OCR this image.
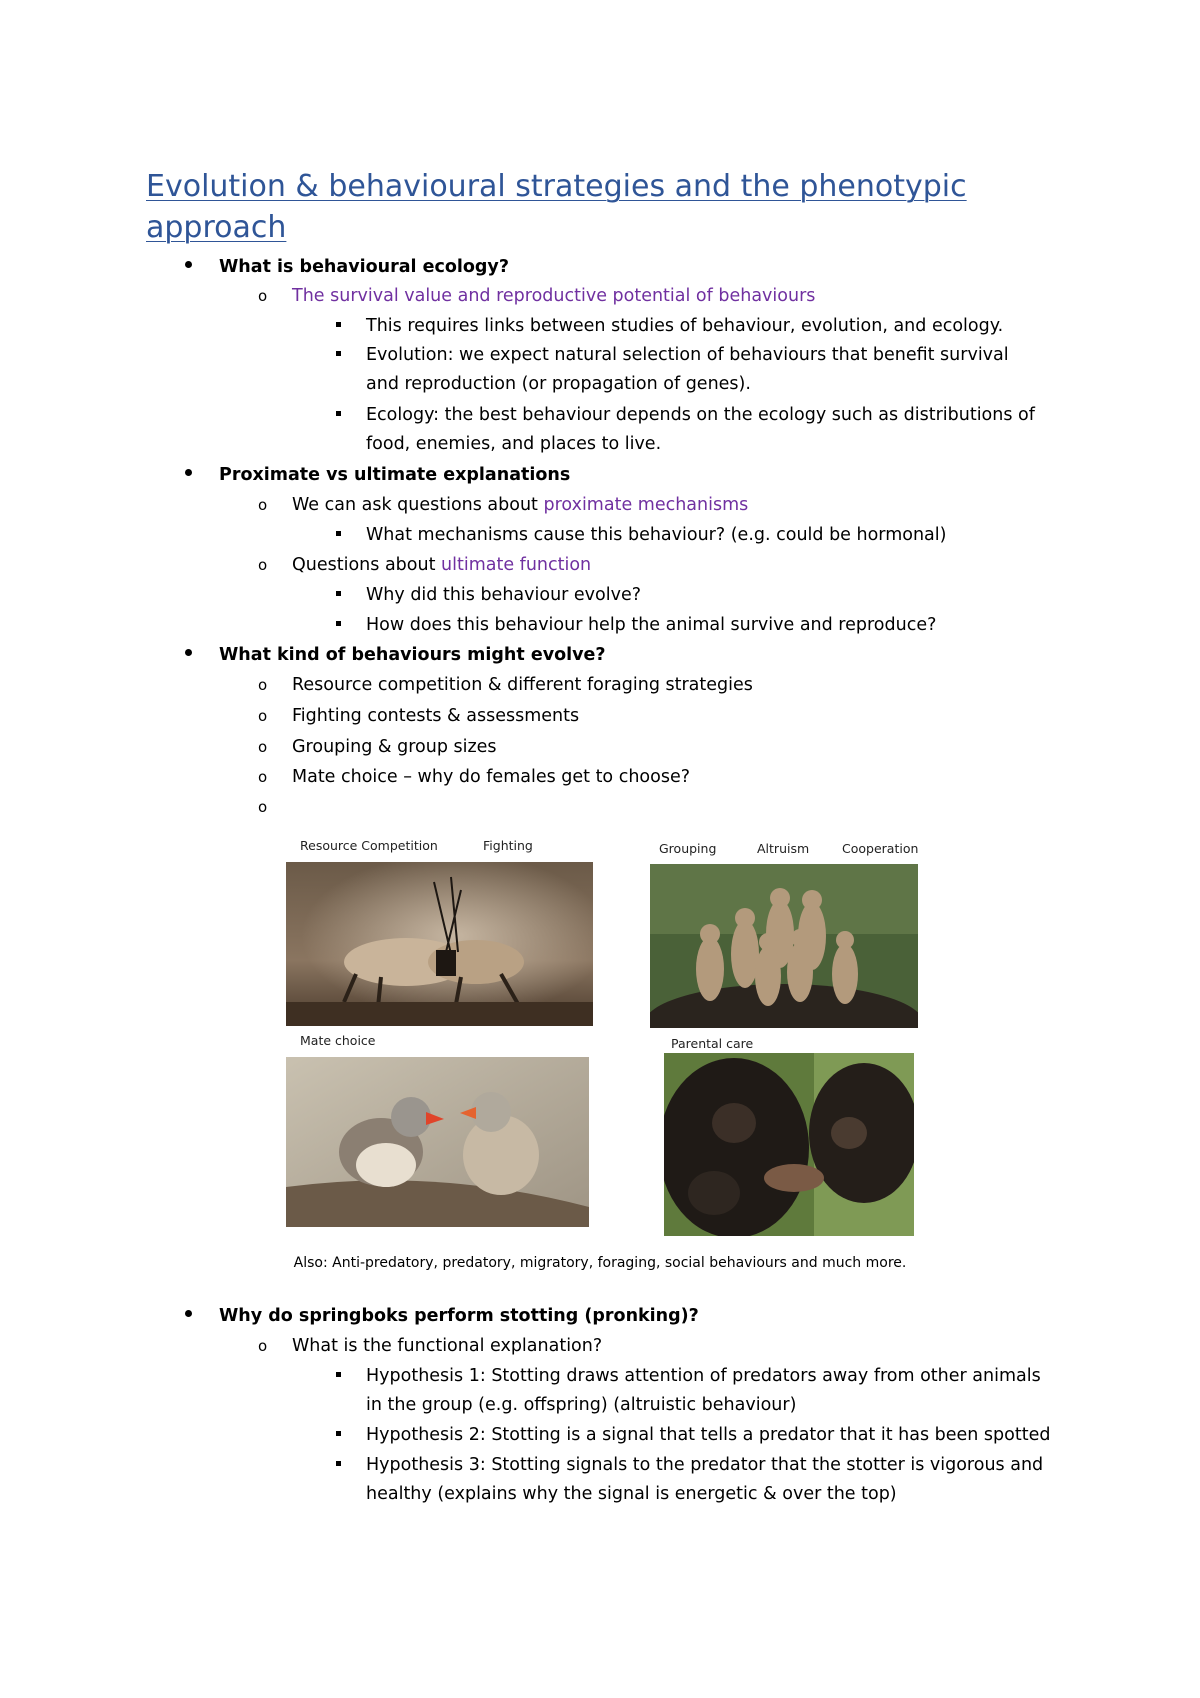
Evolution & behavioural strategies and the phenotypic approach
What is behavioural ecology?
o The survival value and reproductive potential of behaviours
This requires links between studies of behaviour, evolution, and ecology.
Evolution: we expect natural selection of behaviours that benefit survival
and reproduction (or propagation of genes).
Ecology: the best behaviour depends on the ecology such as distributions of
food, enemies, and places to live.
Proximate vs ultimate explanations
o We can ask questions about proximate mechanisms
What mechanisms cause this behaviour? (e.g. could be hormonal)
o Questions about ultimate function
Why did this behaviour evolve?
How does this behaviour help the animal survive and reproduce?
What kind of behaviours might evolve?
o Resource competition & different foraging strategies
o Fighting contests & assessments
o Grouping & group sizes
o Mate choice – why do females get to choose?
o
Resource Competition	Fighting	Grouping	Altruism	Cooperation
Mate choice	Parental care
Also: Anti-predatory, predatory, migratory, foraging, social behaviours and much more.
Why do springboks perform stotting (pronking)?
o What is the functional explanation?
Hypothesis 1: Stotting draws attention of predators away from other animals
in the group (e.g. offspring) (altruistic behaviour)
Hypothesis 2: Stotting is a signal that tells a predator that it has been spotted
Hypothesis 3: Stotting signals to the predator that the stotter is vigorous and
healthy (explains why the signal is energetic & over the top)
